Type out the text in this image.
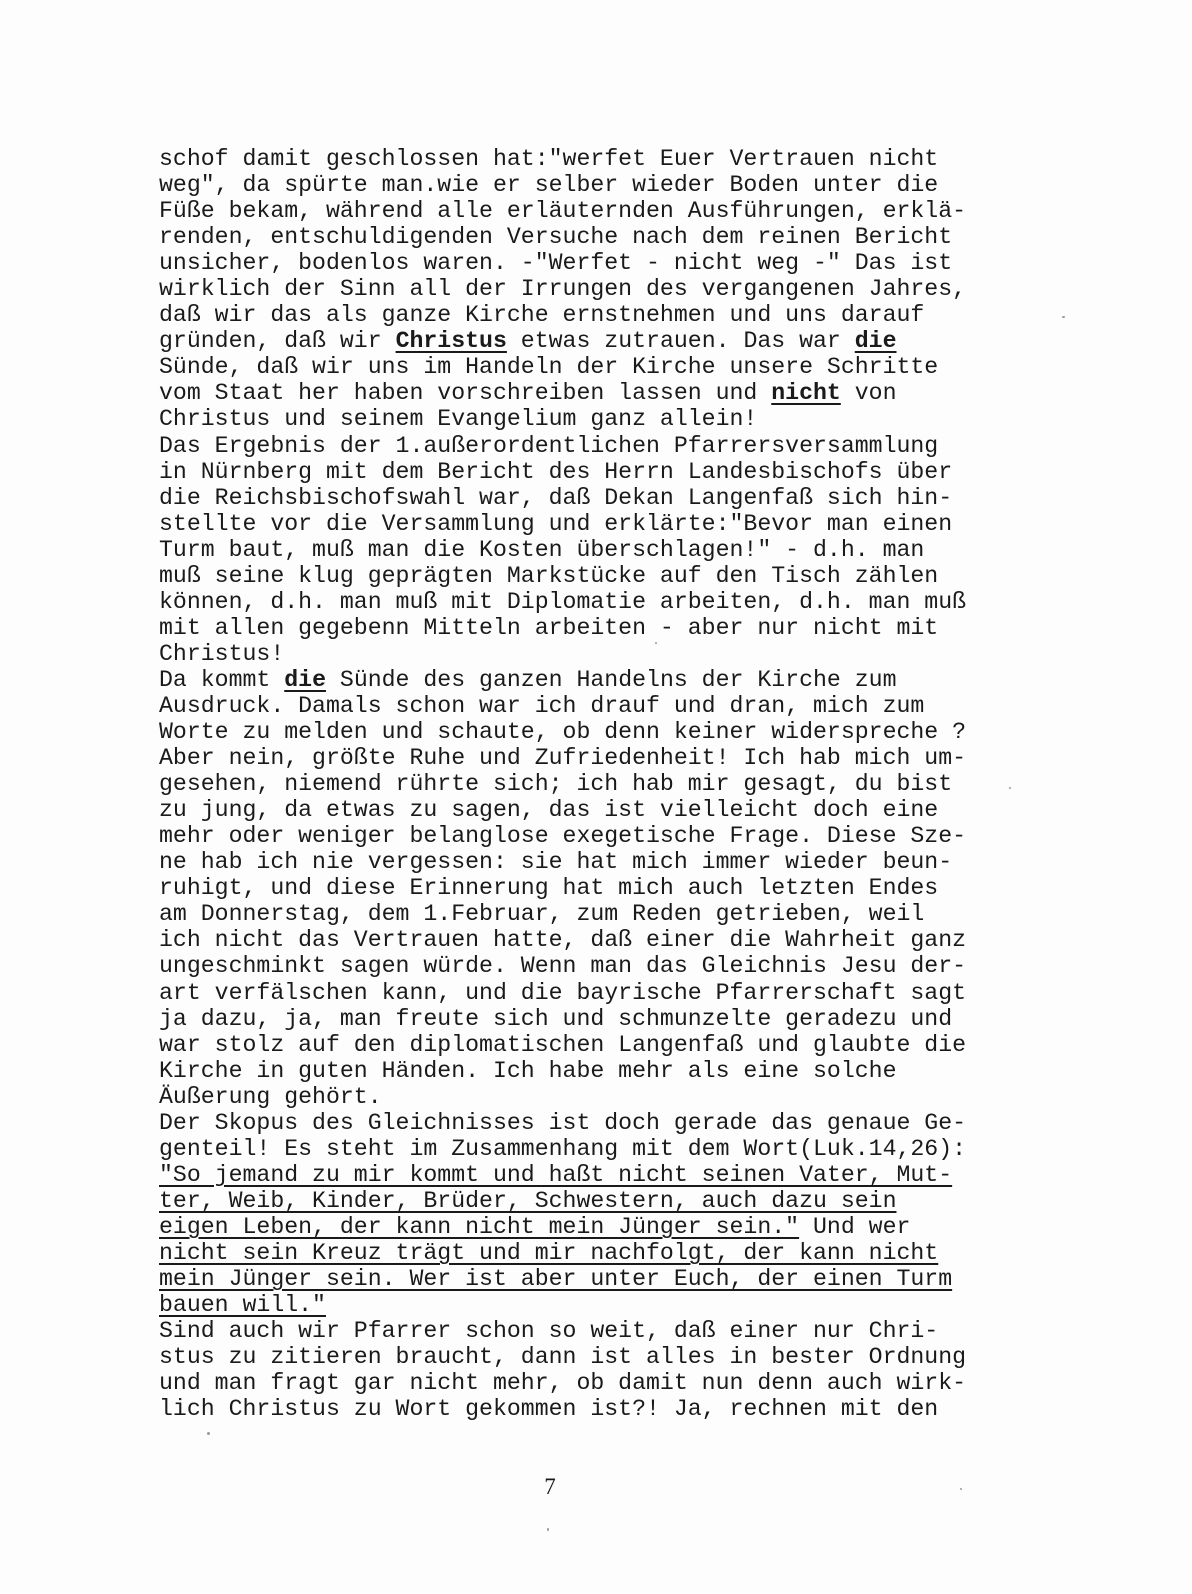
schof damit geschlossen hat:"werfet Euer Vertrauen nicht
weg", da spürte man.wie er selber wieder Boden unter die
Füße bekam, während alle erläuternden Ausführungen, erklä-
renden, entschuldigenden Versuche nach dem reinen Bericht
unsicher, bodenlos waren. -"Werfet - nicht weg -" Das ist
wirklich der Sinn all der Irrungen des vergangenen Jahres,
daß wir das als ganze Kirche ernstnehmen und uns darauf
gründen, daß wir Christus etwas zutrauen. Das war die
Sünde, daß wir uns im Handeln der Kirche unsere Schritte
vom Staat her haben vorschreiben lassen und nicht von
Christus und seinem Evangelium ganz allein!
Das Ergebnis der 1.außerordentlichen Pfarrersversammlung
in Nürnberg mit dem Bericht des Herrn Landesbischofs über
die Reichsbischofswahl war, daß Dekan Langenfaß sich hin-
stellte vor die Versammlung und erklärte:"Bevor man einen
Turm baut, muß man die Kosten überschlagen!" - d.h. man
muß seine klug geprägten Markstücke auf den Tisch zählen
können, d.h. man muß mit Diplomatie arbeiten, d.h. man muß
mit allen gegebenn Mitteln arbeiten - aber nur nicht mit
Christus!
Da kommt die Sünde des ganzen Handelns der Kirche zum
Ausdruck. Damals schon war ich drauf und dran, mich zum
Worte zu melden und schaute, ob denn keiner widerspreche ?
Aber nein, größte Ruhe und Zufriedenheit! Ich hab mich um-
gesehen, niemend rührte sich; ich hab mir gesagt, du bist
zu jung, da etwas zu sagen, das ist vielleicht doch eine
mehr oder weniger belanglose exegetische Frage. Diese Sze-
ne hab ich nie vergessen: sie hat mich immer wieder beun-
ruhigt, und diese Erinnerung hat mich auch letzten Endes
am Donnerstag, dem 1.Februar, zum Reden getrieben, weil
ich nicht das Vertrauen hatte, daß einer die Wahrheit ganz
ungeschminkt sagen würde. Wenn man das Gleichnis Jesu der-
art verfälschen kann, und die bayrische Pfarrerschaft sagt
ja dazu, ja, man freute sich und schmunzelte geradezu und
war stolz auf den diplomatischen Langenfaß und glaubte die
Kirche in guten Händen. Ich habe mehr als eine solche
Äußerung gehört.
Der Skopus des Gleichnisses ist doch gerade das genaue Ge-
genteil! Es steht im Zusammenhang mit dem Wort(Luk.14,26):
"So jemand zu mir kommt und haßt nicht seinen Vater, Mut-
ter, Weib, Kinder, Brüder, Schwestern, auch dazu sein
eigen Leben, der kann nicht mein Jünger sein." Und wer
nicht sein Kreuz trägt und mir nachfolgt, der kann nicht
mein Jünger sein. Wer ist aber unter Euch, der einen Turm
bauen will."
Sind auch wir Pfarrer schon so weit, daß einer nur Chri-
stus zu zitieren braucht, dann ist alles in bester Ordnung
und man fragt gar nicht mehr, ob damit nun denn auch wirk-
lich Christus zu Wort gekommen ist?! Ja, rechnen mit den
7
